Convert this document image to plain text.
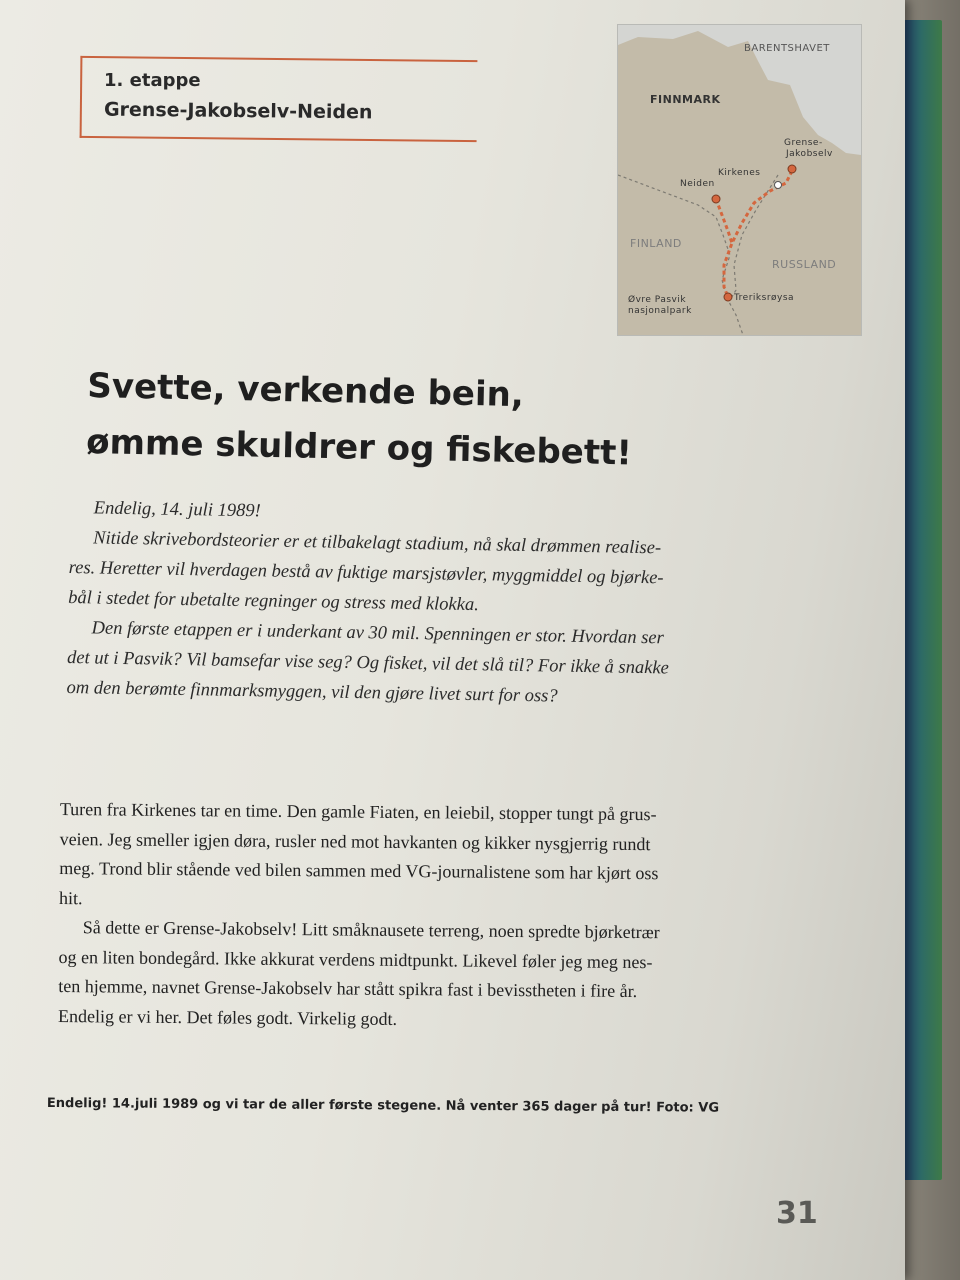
1. etappe
Grense-Jakobselv-Neiden
BARENTSHAVET
FINNMARK
Grense-
Jakobselv
Kirkenes
Neiden
FINLAND
RUSSLAND
Øvre Pasvik
nasjonalpark
Treriksrøysa
Svette, verkende bein,
ømme skuldrer og fiskebett!

Endelig, 14. juli 1989!

Nitide skrivebordsteorier er et tilbakelagt stadium, nå skal drømmen realise-

res. Heretter vil hverdagen bestå av fuktige marsjstøvler, myggmiddel og bjørke-

bål i stedet for ubetalte regninger og stress med klokka.

Den første etappen er i underkant av 30 mil. Spenningen er stor. Hvordan ser

det ut i Pasvik? Vil bamsefar vise seg? Og fisket, vil det slå til? For ikke å snakke

om den berømte finnmarksmyggen, vil den gjøre livet surt for oss?

Turen fra Kirkenes tar en time. Den gamle Fiaten, en leiebil, stopper tungt på grus-

veien. Jeg smeller igjen døra, rusler ned mot havkanten og kikker nysgjerrig rundt

meg. Trond blir stående ved bilen sammen med VG-journalistene som har kjørt oss

hit.

Så dette er Grense-Jakobselv! Litt småknausete terreng, noen spredte bjørketrær

og en liten bondegård. Ikke akkurat verdens midtpunkt. Likevel føler jeg meg nes-

ten hjemme, navnet Grense-Jakobselv har stått spikra fast i bevisstheten i fire år.

Endelig er vi her. Det føles godt. Virkelig godt.

Endelig! 14.juli 1989 og vi tar de aller første stegene. Nå venter 365 dager på tur! Foto: VG
31
